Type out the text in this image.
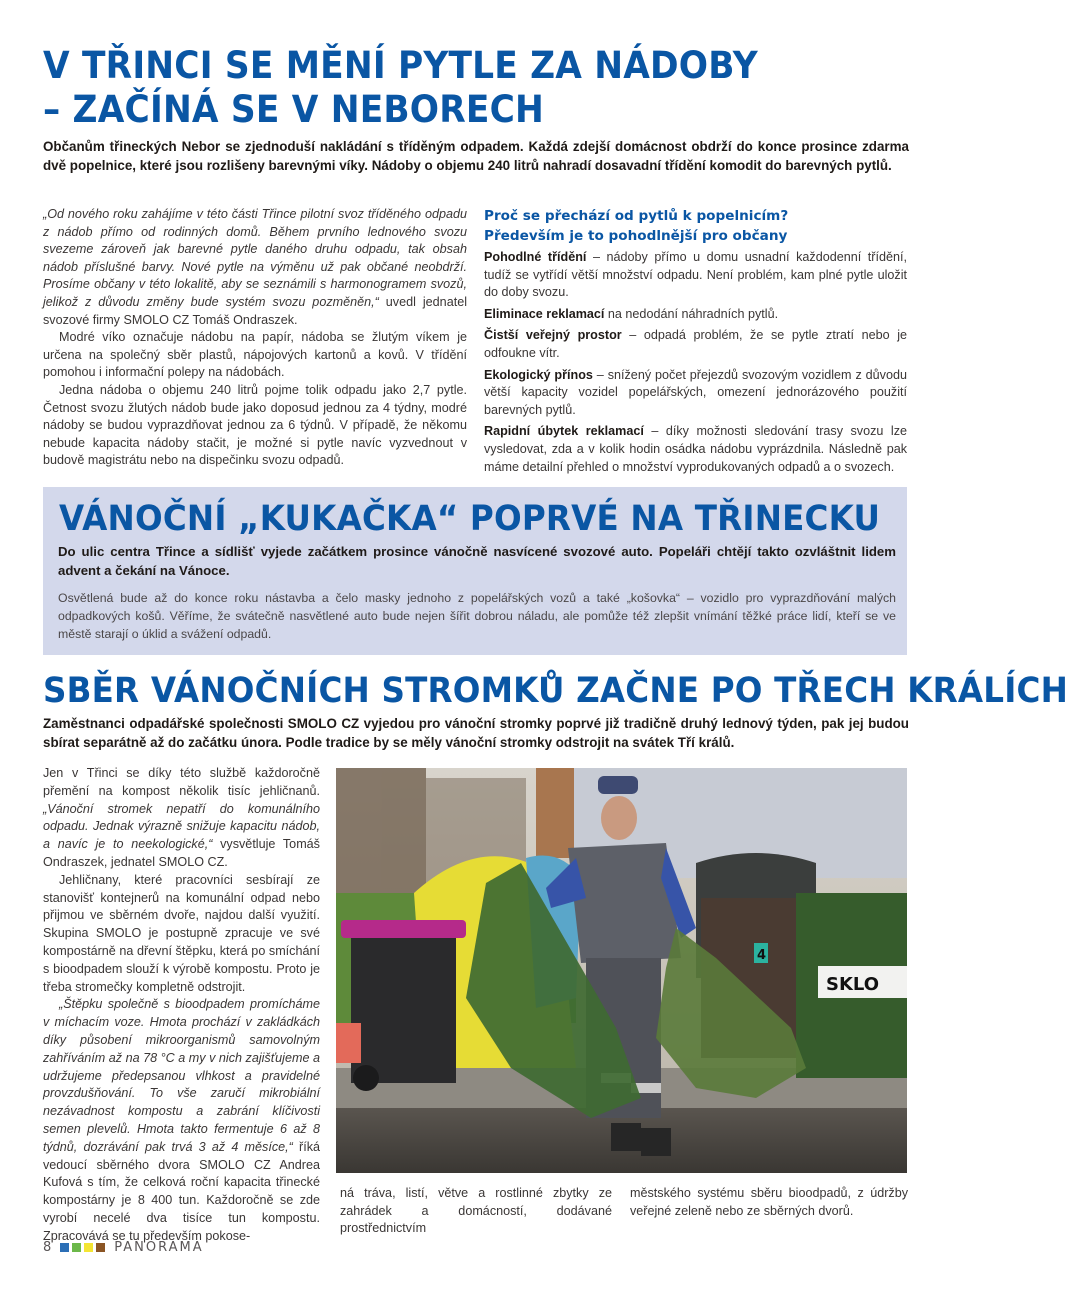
V TŘINCI SE MĚNÍ PYTLE ZA NÁDOBY
– ZAČÍNÁ SE V NEBORECH

Občanům třineckých Nebor se zjednoduší nakládání s tříděným odpadem. Každá zdejší domácnost obdrží do konce prosince zdarma dvě popelnice, které jsou rozlišeny barevnými víky. Nádoby o objemu 240 litrů nahradí dosavadní třídění komodit do barevných pytlů.

„Od nového roku zahájíme v této části Třince pilotní svoz tříděného odpadu z nádob přímo od rodinných domů. Během prvního lednového svozu svezeme zároveň jak barevné pytle daného druhu odpadu, tak obsah nádob příslušné barvy. Nové pytle na výměnu už pak občané neobdrží. Prosíme občany v této lokalitě, aby se seznámili s harmonogramem svozů, jelikož z důvodu změny bude systém svozu pozměněn,“ uvedl jednatel svozové firmy SMOLO CZ Tomáš Ondraszek.

Modré víko označuje nádobu na papír, nádoba se žlutým víkem je určena na společný sběr plastů, nápojových kartonů a kovů. V třídění pomohou i informační polepy na nádobách.

Jedna nádoba o objemu 240 litrů pojme tolik odpadu jako 2,7 pytle. Četnost svozu žlutých nádob bude jako doposud jednou za 4 týdny, modré nádoby se budou vyprazdňovat jednou za 6 týdnů. V případě, že někomu nebude kapacita nádoby stačit, je možné si pytle navíc vyzvednout v budově magistrátu nebo na dispečinku svozu odpadů.

Proč se přechází od pytlů k popelnicím?
Především je to pohodlnější pro občany

Pohodlné třídění – nádoby přímo u domu usnadní každodenní třídění, tudíž se vytřídí větší množství odpadu. Není problém, kam plné pytle uložit do doby svozu.

Eliminace reklamací na nedodání náhradních pytlů.

Čistší veřejný prostor – odpadá problém, že se pytle ztratí nebo je odfoukne vítr.

Ekologický přínos – snížený počet přejezdů svozovým vozidlem z důvodu větší kapacity vozidel popelářských, omezení jednorázového použití barevných pytlů.

Rapidní úbytek reklamací – díky možnosti sledování trasy svozu lze vysledovat, zda a v kolik hodin osádka nádobu vyprázdnila. Následně pak máme detailní přehled o množství vyprodukovaných odpadů a o svozech.

VÁNOČNÍ „KUKAČKA“ POPRVÉ NA TŘINECKU

Do ulic centra Třince a sídlišť vyjede začátkem prosince vánočně nasvícené svozové auto. Popeláři chtějí takto ozvláštnit lidem advent a čekání na Vánoce.

Osvětlená bude až do konce roku nástavba a čelo masky jednoho z popelářských vozů a také „košovka“ – vozidlo pro vyprazdňování malých odpadkových košů. Věříme, že svátečně nasvětlené auto bude nejen šířit dobrou náladu, ale pomůže též zlepšit vnímání těžké práce lidí, kteří se ve městě starají o úklid a svážení odpadů.

SBĚR VÁNOČNÍCH STROMKŮ ZAČNE PO TŘECH KRÁLÍCH

Zaměstnanci odpadářské společnosti SMOLO CZ vyjedou pro vánoční stromky poprvé již tradičně druhý lednový týden, pak jej budou sbírat separátně až do začátku února. Podle tradice by se měly vánoční stromky odstrojit na svátek Tří králů.

Jen v Třinci se díky této službě každoročně přemění na kompost několik tisíc jehličnanů. „Vánoční stromek nepatří do komunálního odpadu. Jednak výrazně snižuje kapacitu nádob, a navíc je to neekologické,“ vysvětluje Tomáš Ondraszek, jednatel SMOLO CZ.

Jehličnany, které pracovníci sesbírají ze stanovišť kontejnerů na komunální odpad nebo přijmou ve sběrném dvoře, najdou další využití. Skupina SMOLO je postupně zpracuje ve své kompostárně na dřevní štěpku, která po smíchání s bioodpadem slouží k výrobě kompostu. Proto je třeba stromečky kompletně odstrojit.

„Štěpku společně s bioodpadem promícháme v míchacím voze. Hmota prochází v zakládkách díky působení mikroorganismů samovolným zahříváním až na 78 °C a my v nich zajišťujeme a udržujeme předepsanou vlhkost a pravidelné provzdušňování. To vše zaručí mikrobiální nezávadnost kompostu a zabrání klíčivosti semen plevelů. Hmota takto fermentuje 6 až 8 týdnů, dozrávání pak trvá 3 až 4 měsíce,“ říká vedoucí sběrného dvora SMOLO CZ Andrea Kufová s tím, že celková roční kapacita třinecké kompostárny je 8 400 tun. Každoročně se zde vyrobí necelé dva tisíce tun kompostu. Zpracovává se tu především pokose-

SKLO
4
ná tráva, listí, větve a rostlinné zbytky ze zahrádek a domácností, dodávané prostřednictvím
městského systému sběru bioodpadů, z údržby veřejné zeleně nebo ze sběrných dvorů.
8	PANORAMA
